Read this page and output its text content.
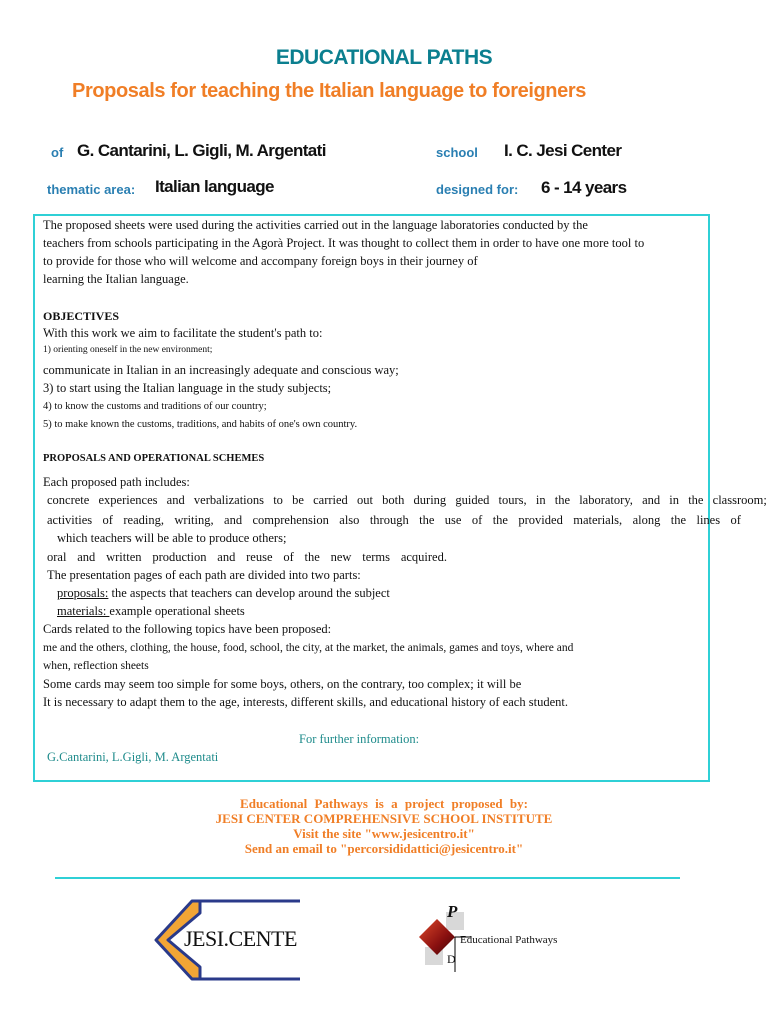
EDUCATIONAL PATHS
Proposals for teaching the Italian language to foreigners
of G. Cantarini, L. Gigli, M. Argentati	school I. C. Jesi Center
thematic area: Italian language	designed for: 6 - 14 years
The proposed sheets were used during the activities carried out in the language laboratories conducted by the
teachers from schools participating in the Agorà Project. It was thought to collect them in order to have one more tool to
to provide for those who will welcome and accompany foreign boys in their journey of
learning the Italian language.
OBJECTIVES
With this work we aim to facilitate the student's path to:
1) orienting oneself in the new environment;
communicate in Italian in an increasingly adequate and conscious way;
3) to start using the Italian language in the study subjects;
4) to know the customs and traditions of our country;
5) to make known the customs, traditions, and habits of one's own country.
PROPOSALS AND OPERATIONAL SCHEMES
Each proposed path includes:
concrete experiences and verbalizations to be carried out both during guided tours, in the laboratory, and in the classroom;
activities of reading, writing, and comprehension also through the use of the provided materials, along the lines of
which teachers will be able to produce others;
oral and written production and reuse of the new terms acquired.
The presentation pages of each path are divided into two parts:
proposals: the aspects that teachers can develop around the subject
materials: example operational sheets
Cards related to the following topics have been proposed:
me and the others, clothing, the house, food, school, the city, at the market, the animals, games and toys, where and
when, reflection sheets
Some cards may seem too simple for some boys, others, on the contrary, too complex; it will be
It is necessary to adapt them to the age, interests, different skills, and educational history of each student.
For further information:
G.Cantarini, L.Gigli, M. Argentati
Educational Pathways is a project proposed by:
JESI CENTER COMPREHENSIVE SCHOOL INSTITUTE
Visit the site "www.jesicentro.it"
Send an email to "percorsididattici@jesicentro.it"
JESI.CENTE
P
D
Educational Pathways
